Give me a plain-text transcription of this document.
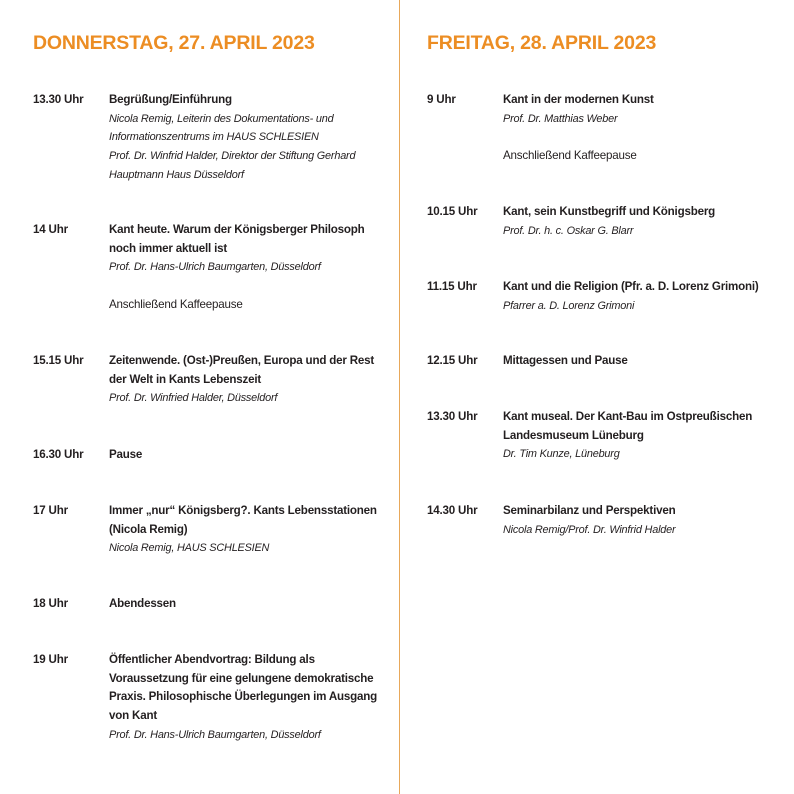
DONNERSTAG, 27. APRIL 2023
13.30 Uhr Begrüßung/Einführung
Nicola Remig, Leiterin des Dokumentations- und
Informationszentrums im HAUS SCHLESIEN
Prof. Dr. Winfrid Halder, Direktor der Stiftung Gerhard
Hauptmann Haus Düsseldorf
14 Uhr	Kant heute. Warum der Königsberger Philosoph
noch immer aktuell ist
Prof. Dr. Hans-Ulrich Baumgarten, Düsseldorf
Anschließend Kaffeepause
15.15 Uhr Zeitenwende. (Ost-)Preußen, Europa und der Rest
der Welt in Kants Lebenszeit
Prof. Dr. Winfried Halder, Düsseldorf
16.30 Uhr Pause
17 Uhr	Immer „nur“ Königsberg?. Kants Lebensstationen
(Nicola Remig)
Nicola Remig, HAUS SCHLESIEN
18 Uhr	Abendessen
19 Uhr	Öffentlicher Abendvortrag: Bildung als
Voraussetzung für eine gelungene demokratische
Praxis. Philosophische Überlegungen im Ausgang
von Kant
Prof. Dr. Hans-Ulrich Baumgarten, Düsseldorf
FREITAG, 28. APRIL 2023
9 Uhr	Kant in der modernen Kunst
Prof. Dr. Matthias Weber
Anschließend Kaffeepause
10.15 Uhr Kant, sein Kunstbegriff und Königsberg
Prof. Dr. h. c. Oskar G. Blarr
11.15 Uhr Kant und die Religion (Pfr. a. D. Lorenz Grimoni)
Pfarrer a. D. Lorenz Grimoni
12.15 Uhr Mittagessen und Pause
13.30 Uhr Kant museal. Der Kant-Bau im Ostpreußischen
Landesmuseum Lüneburg
Dr. Tim Kunze, Lüneburg
14.30 Uhr Seminarbilanz und Perspektiven
Nicola Remig/Prof. Dr. Winfrid Halder
